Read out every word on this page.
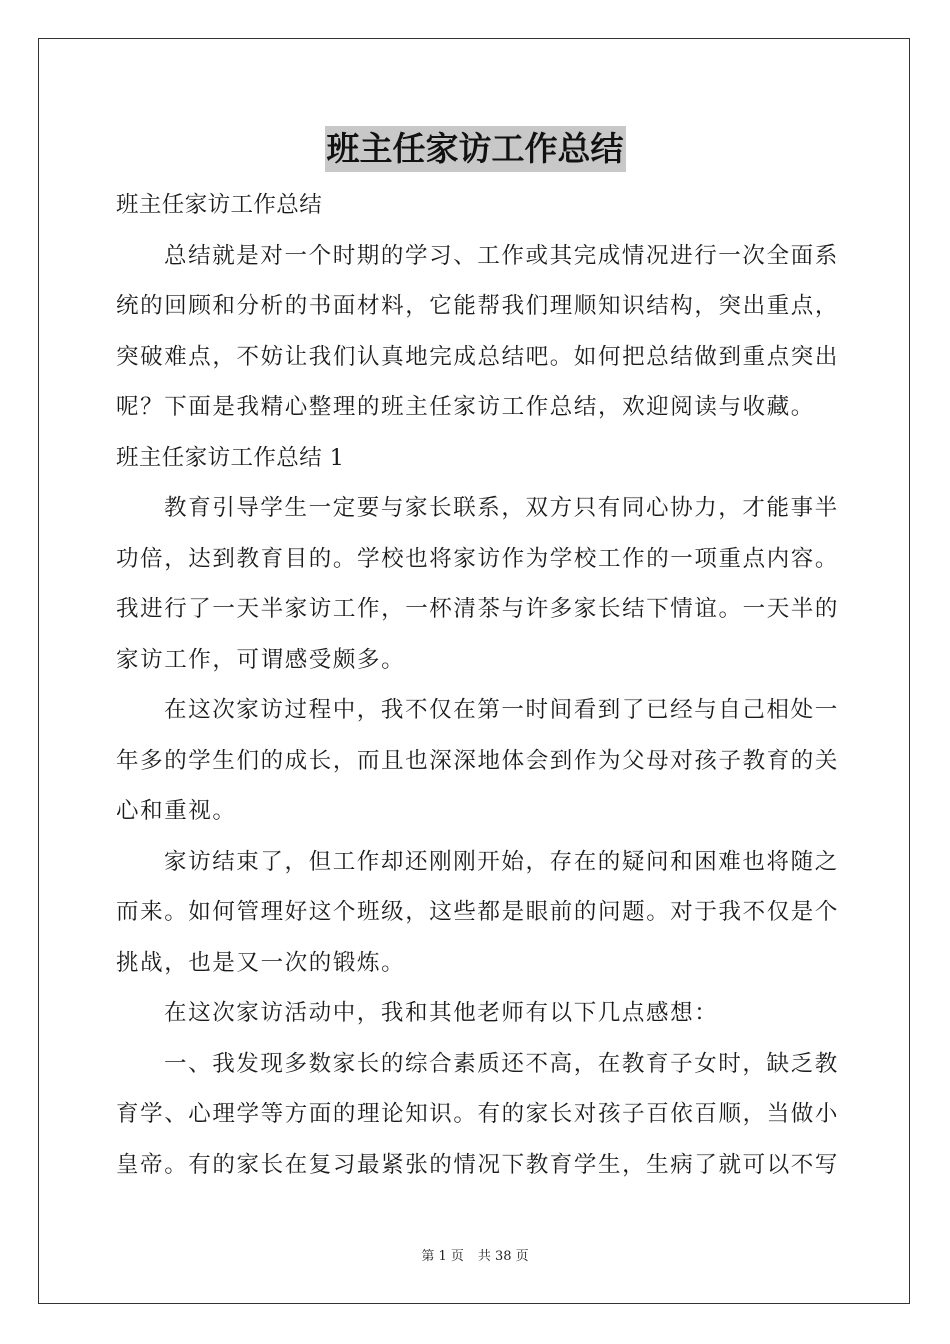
班主任家访工作总结
班主任家访工作总结
总结就是对一个时期的学习、工作或其完成情况进行一次全面系
统的回顾和分析的书面材料，它能帮我们理顺知识结构，突出重点，
突破难点，不妨让我们认真地完成总结吧。如何把总结做到重点突出
呢？下面是我精心整理的班主任家访工作总结，欢迎阅读与收藏。
班主任家访工作总结 1
教育引导学生一定要与家长联系，双方只有同心协力，才能事半
功倍，达到教育目的。学校也将家访作为学校工作的一项重点内容。
我进行了一天半家访工作，一杯清茶与许多家长结下情谊。一天半的
家访工作，可谓感受颇多。
在这次家访过程中，我不仅在第一时间看到了已经与自己相处一
年多的学生们的成长，而且也深深地体会到作为父母对孩子教育的关
心和重视。
家访结束了，但工作却还刚刚开始，存在的疑问和困难也将随之
而来。如何管理好这个班级，这些都是眼前的问题。对于我不仅是个
挑战，也是又一次的锻炼。
在这次家访活动中，我和其他老师有以下几点感想：
一、我发现多数家长的综合素质还不高，在教育子女时，缺乏教
育学、心理学等方面的理论知识。有的家长对孩子百依百顺，当做小
皇帝。有的家长在复习最紧张的情况下教育学生，生病了就可以不写
第 1 页 共 38 页
